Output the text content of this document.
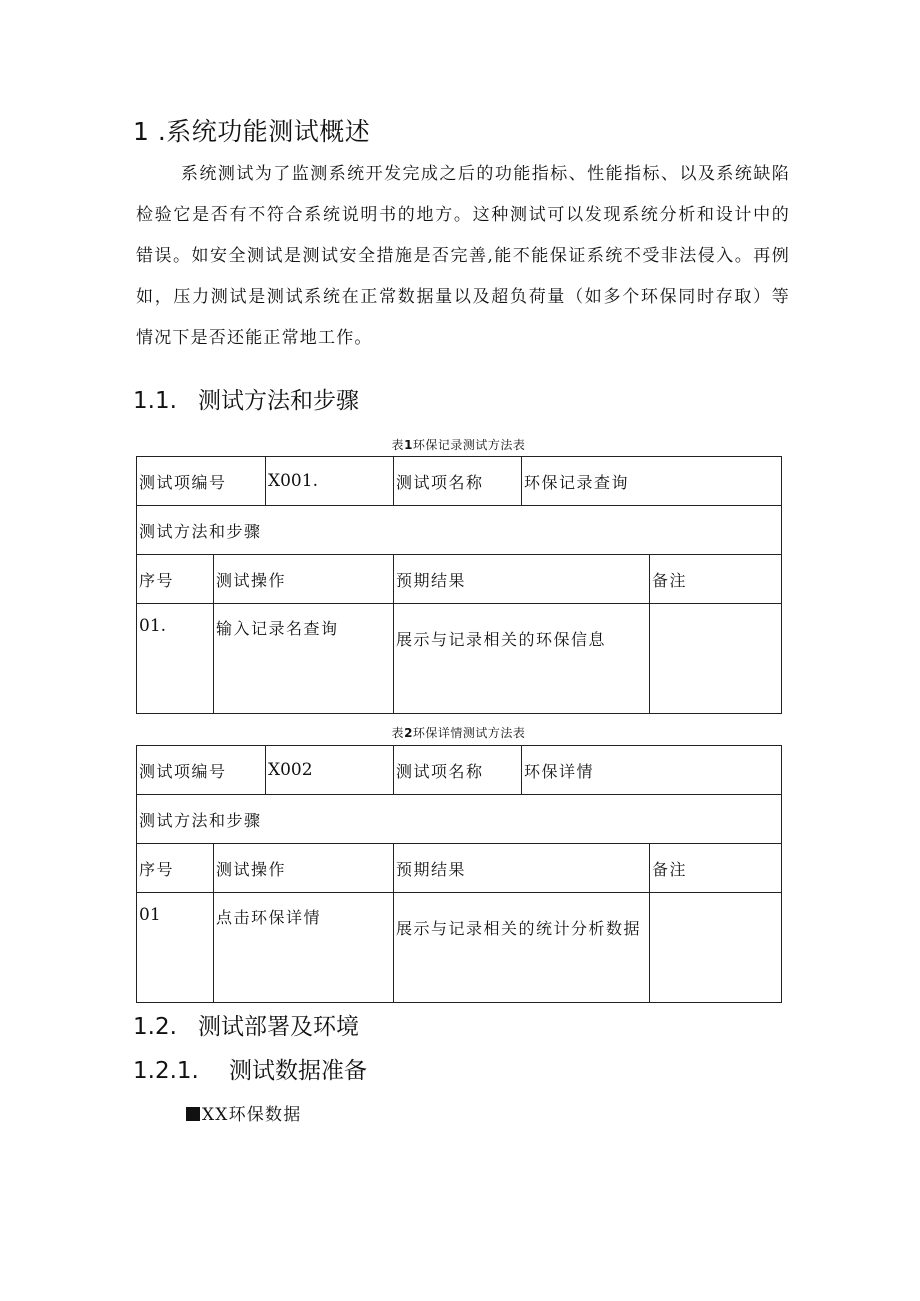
1 .系统功能测试概述
系统测试为了监测系统开发完成之后的功能指标、性能指标、以及系统缺陷检验它是否有不符合系统说明书的地方。这种测试可以发现系统分析和设计中的错误。如安全测试是测试安全措施是否完善,能不能保证系统不受非法侵入。再例如，压力测试是测试系统在正常数据量以及超负荷量（如多个环保同时存取）等情况下是否还能正常地工作。
1.1. 测试方法和步骤
表1环保记录测试方法表
测试项编号		X001.	测试项名称	环保记录查询	
测试方法和步骤					
序号	测试操作		预期结果		备注
01.	输入记录名查询		展示与记录相关的环保信息		
表2环保详情测试方法表
测试项编号		X002	测试项名称	环保详情	
测试方法和步骤					
序号	测试操作		预期结果		备注
01	点击环保详情		展示与记录相关的统计分析数据		
1.2. 测试部署及环境
1.2.1. 测试数据准备
XX环保数据
